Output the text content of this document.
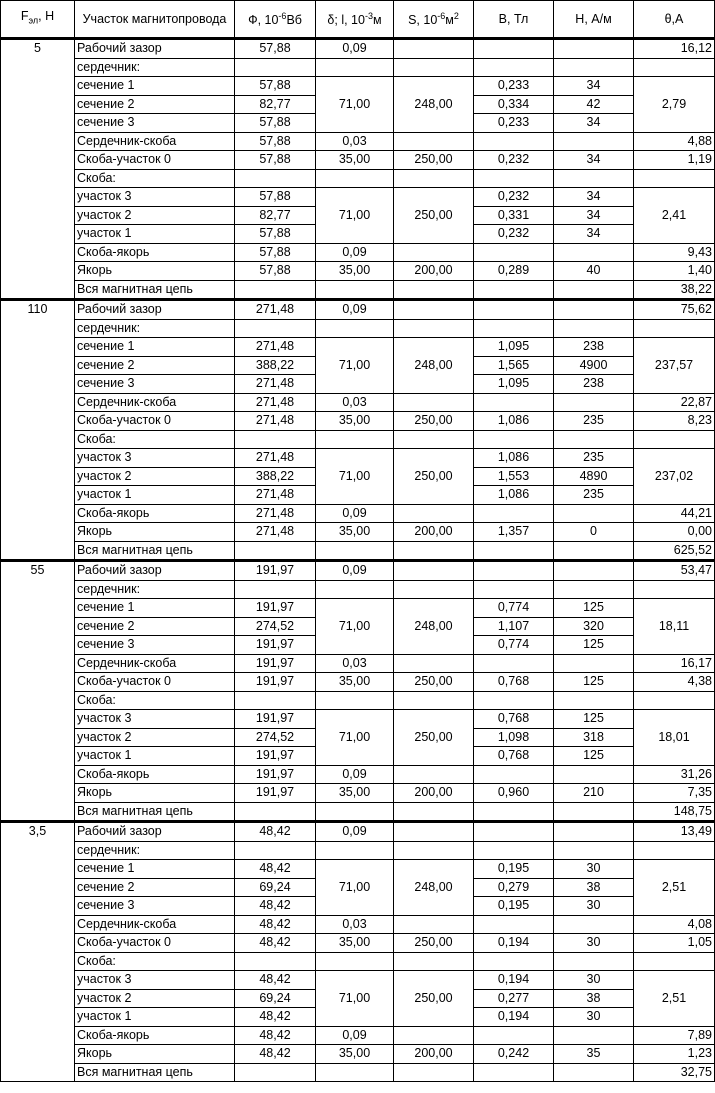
$F_{эл}$, Н	Участок магнитопровода	Ф, $10^{-6}Вб$	δ; l, $10^{-3}м$	S, $10^{-6}м^2$	B, Тл	H, А/м	θ,А
5	Рабочий зазор	57,88	0,09				16,12
	сердечник:						
	сечение 1	57,88	71,00	248,00	0,233	34	2,79
	сечение 2	82,77			0,334	42	
	сечение 3	57,88			0,233	34	
	Сердечник-скоба	57,88	0,03				4,88
	Скоба-участок 0	57,88	35,00	250,00	0,232	34	1,19
	Скоба:						
	участок 3	57,88	71,00	250,00	0,232	34	2,41
	участок 2	82,77			0,331	34	
	участок 1	57,88			0,232	34	
	Скоба-якорь	57,88	0,09				9,43
	Якорь	57,88	35,00	200,00	0,289	40	1,40
	Вся магнитная цепь						38,22
110	Рабочий зазор	271,48	0,09				75,62
	сердечник:						
	сечение 1	271,48	71,00	248,00	1,095	238	237,57
	сечение 2	388,22			1,565	4900	
	сечение 3	271,48			1,095	238	
	Сердечник-скоба	271,48	0,03				22,87
	Скоба-участок 0	271,48	35,00	250,00	1,086	235	8,23
	Скоба:						
	участок 3	271,48	71,00	250,00	1,086	235	237,02
	участок 2	388,22			1,553	4890	
	участок 1	271,48			1,086	235	
	Скоба-якорь	271,48	0,09				44,21
	Якорь	271,48	35,00	200,00	1,357	0	0,00
	Вся магнитная цепь						625,52
55	Рабочий зазор	191,97	0,09				53,47
	сердечник:						
	сечение 1	191,97	71,00	248,00	0,774	125	18,11
	сечение 2	274,52			1,107	320	
	сечение 3	191,97			0,774	125	
	Сердечник-скоба	191,97	0,03				16,17
	Скоба-участок 0	191,97	35,00	250,00	0,768	125	4,38
	Скоба:						
	участок 3	191,97	71,00	250,00	0,768	125	18,01
	участок 2	274,52			1,098	318	
	участок 1	191,97			0,768	125	
	Скоба-якорь	191,97	0,09				31,26
	Якорь	191,97	35,00	200,00	0,960	210	7,35
	Вся магнитная цепь						148,75
3,5	Рабочий зазор	48,42	0,09				13,49
	сердечник:						
	сечение 1	48,42	71,00	248,00	0,195	30	2,51
	сечение 2	69,24			0,279	38	
	сечение 3	48,42			0,195	30	
	Сердечник-скоба	48,42	0,03				4,08
	Скоба-участок 0	48,42	35,00	250,00	0,194	30	1,05
	Скоба:						
	участок 3	48,42	71,00	250,00	0,194	30	2,51
	участок 2	69,24			0,277	38	
	участок 1	48,42			0,194	30	
	Скоба-якорь	48,42	0,09				7,89
	Якорь	48,42	35,00	200,00	0,242	35	1,23
	Вся магнитная цепь						32,75
